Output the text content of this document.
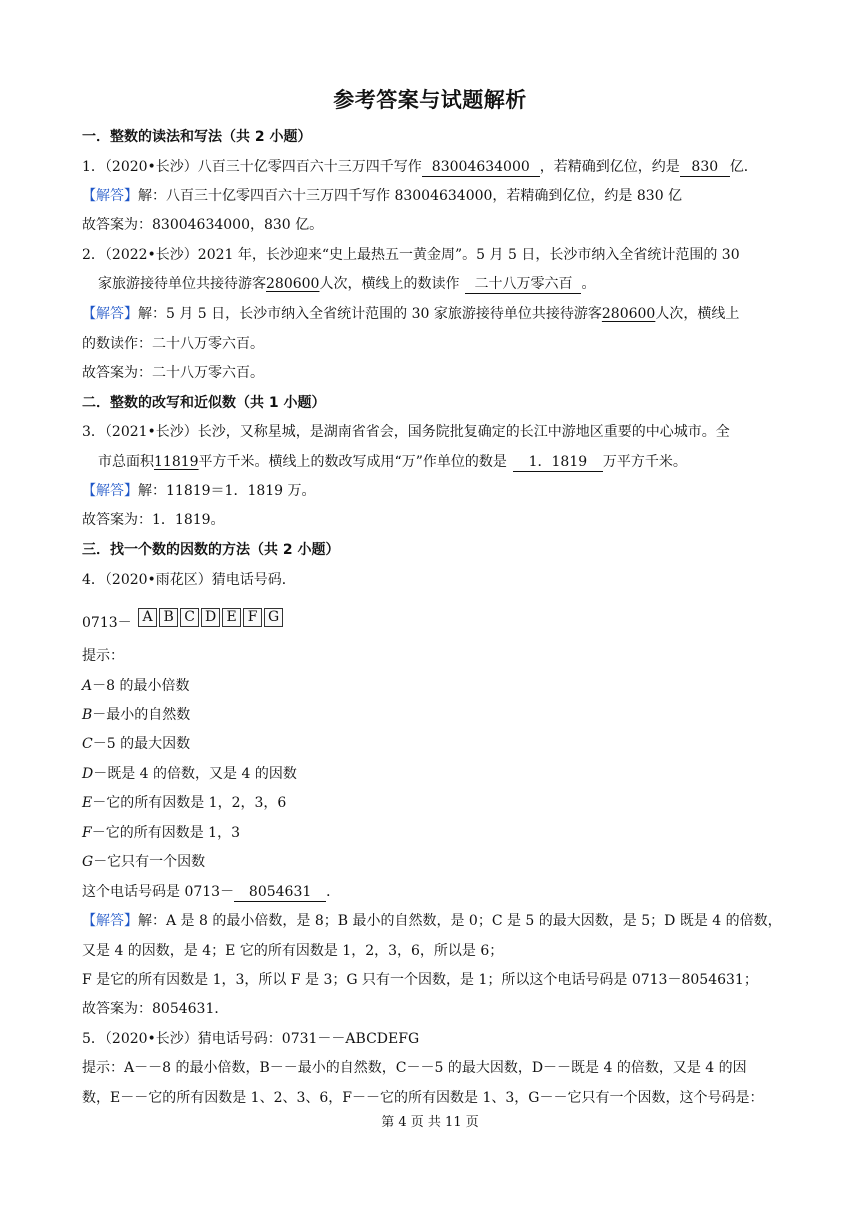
参考答案与试题解析
一．整数的读法和写法（共 2 小题）
1．（2020•长沙）八百三十亿零四百六十三万四千写作 83004634000 ，若精确到亿位，约是 830 亿．
【解答】解：八百三十亿零四百六十三万四千写作 83004634000，若精确到亿位，约是 830 亿
故答案为：83004634000，830 亿。
2．（2022•长沙）2021 年，长沙迎来“史上最热五一黄金周”。5 月 5 日，长沙市纳入全省统计范围的 30
家旅游接待单位共接待游客280600人次，横线上的数读作 二十八万零六百 。
【解答】解：5 月 5 日，长沙市纳入全省统计范围的 30 家旅游接待单位共接待游客280600人次，横线上
的数读作：二十八万零六百。
故答案为：二十八万零六百。
二．整数的改写和近似数（共 1 小题）
3．（2021•长沙）长沙，又称星城，是湖南省省会，国务院批复确定的长江中游地区重要的中心城市。全
市总面积11819平方千米。横线上的数改写成用“万”作单位的数是 1．1819 万平方千米。
【解答】解：11819＝1．1819 万。
故答案为：1．1819。
三．找一个数的因数的方法（共 2 小题）
4．（2020•雨花区）猜电话号码．
0713－ A B C D E F G
提示：
A－8 的最小倍数
B－最小的自然数
C－5 的最大因数
D－既是 4 的倍数，又是 4 的因数
E－它的所有因数是 1，2，3，6
F－它的所有因数是 1，3
G－它只有一个因数
这个电话号码是 0713－ 8054631 ．
【解答】解：A 是 8 的最小倍数，是 8；B 最小的自然数，是 0；C 是 5 的最大因数，是 5；D 既是 4 的倍数，
又是 4 的因数，是 4；E 它的所有因数是 1，2，3，6，所以是 6；
F 是它的所有因数是 1，3，所以 F 是 3；G 只有一个因数，是 1；所以这个电话号码是 0713－8054631；
故答案为：8054631．
5．（2020•长沙）猜电话号码：0731－－ABCDEFG
提示：A－－8 的最小倍数，B－－最小的自然数，C－－5 的最大因数，D－－既是 4 的倍数，又是 4 的因
数，E－－它的所有因数是 1、2、3、6，F－－它的所有因数是 1、3，G－－它只有一个因数，这个号码是：
第 4 页 共 11 页
